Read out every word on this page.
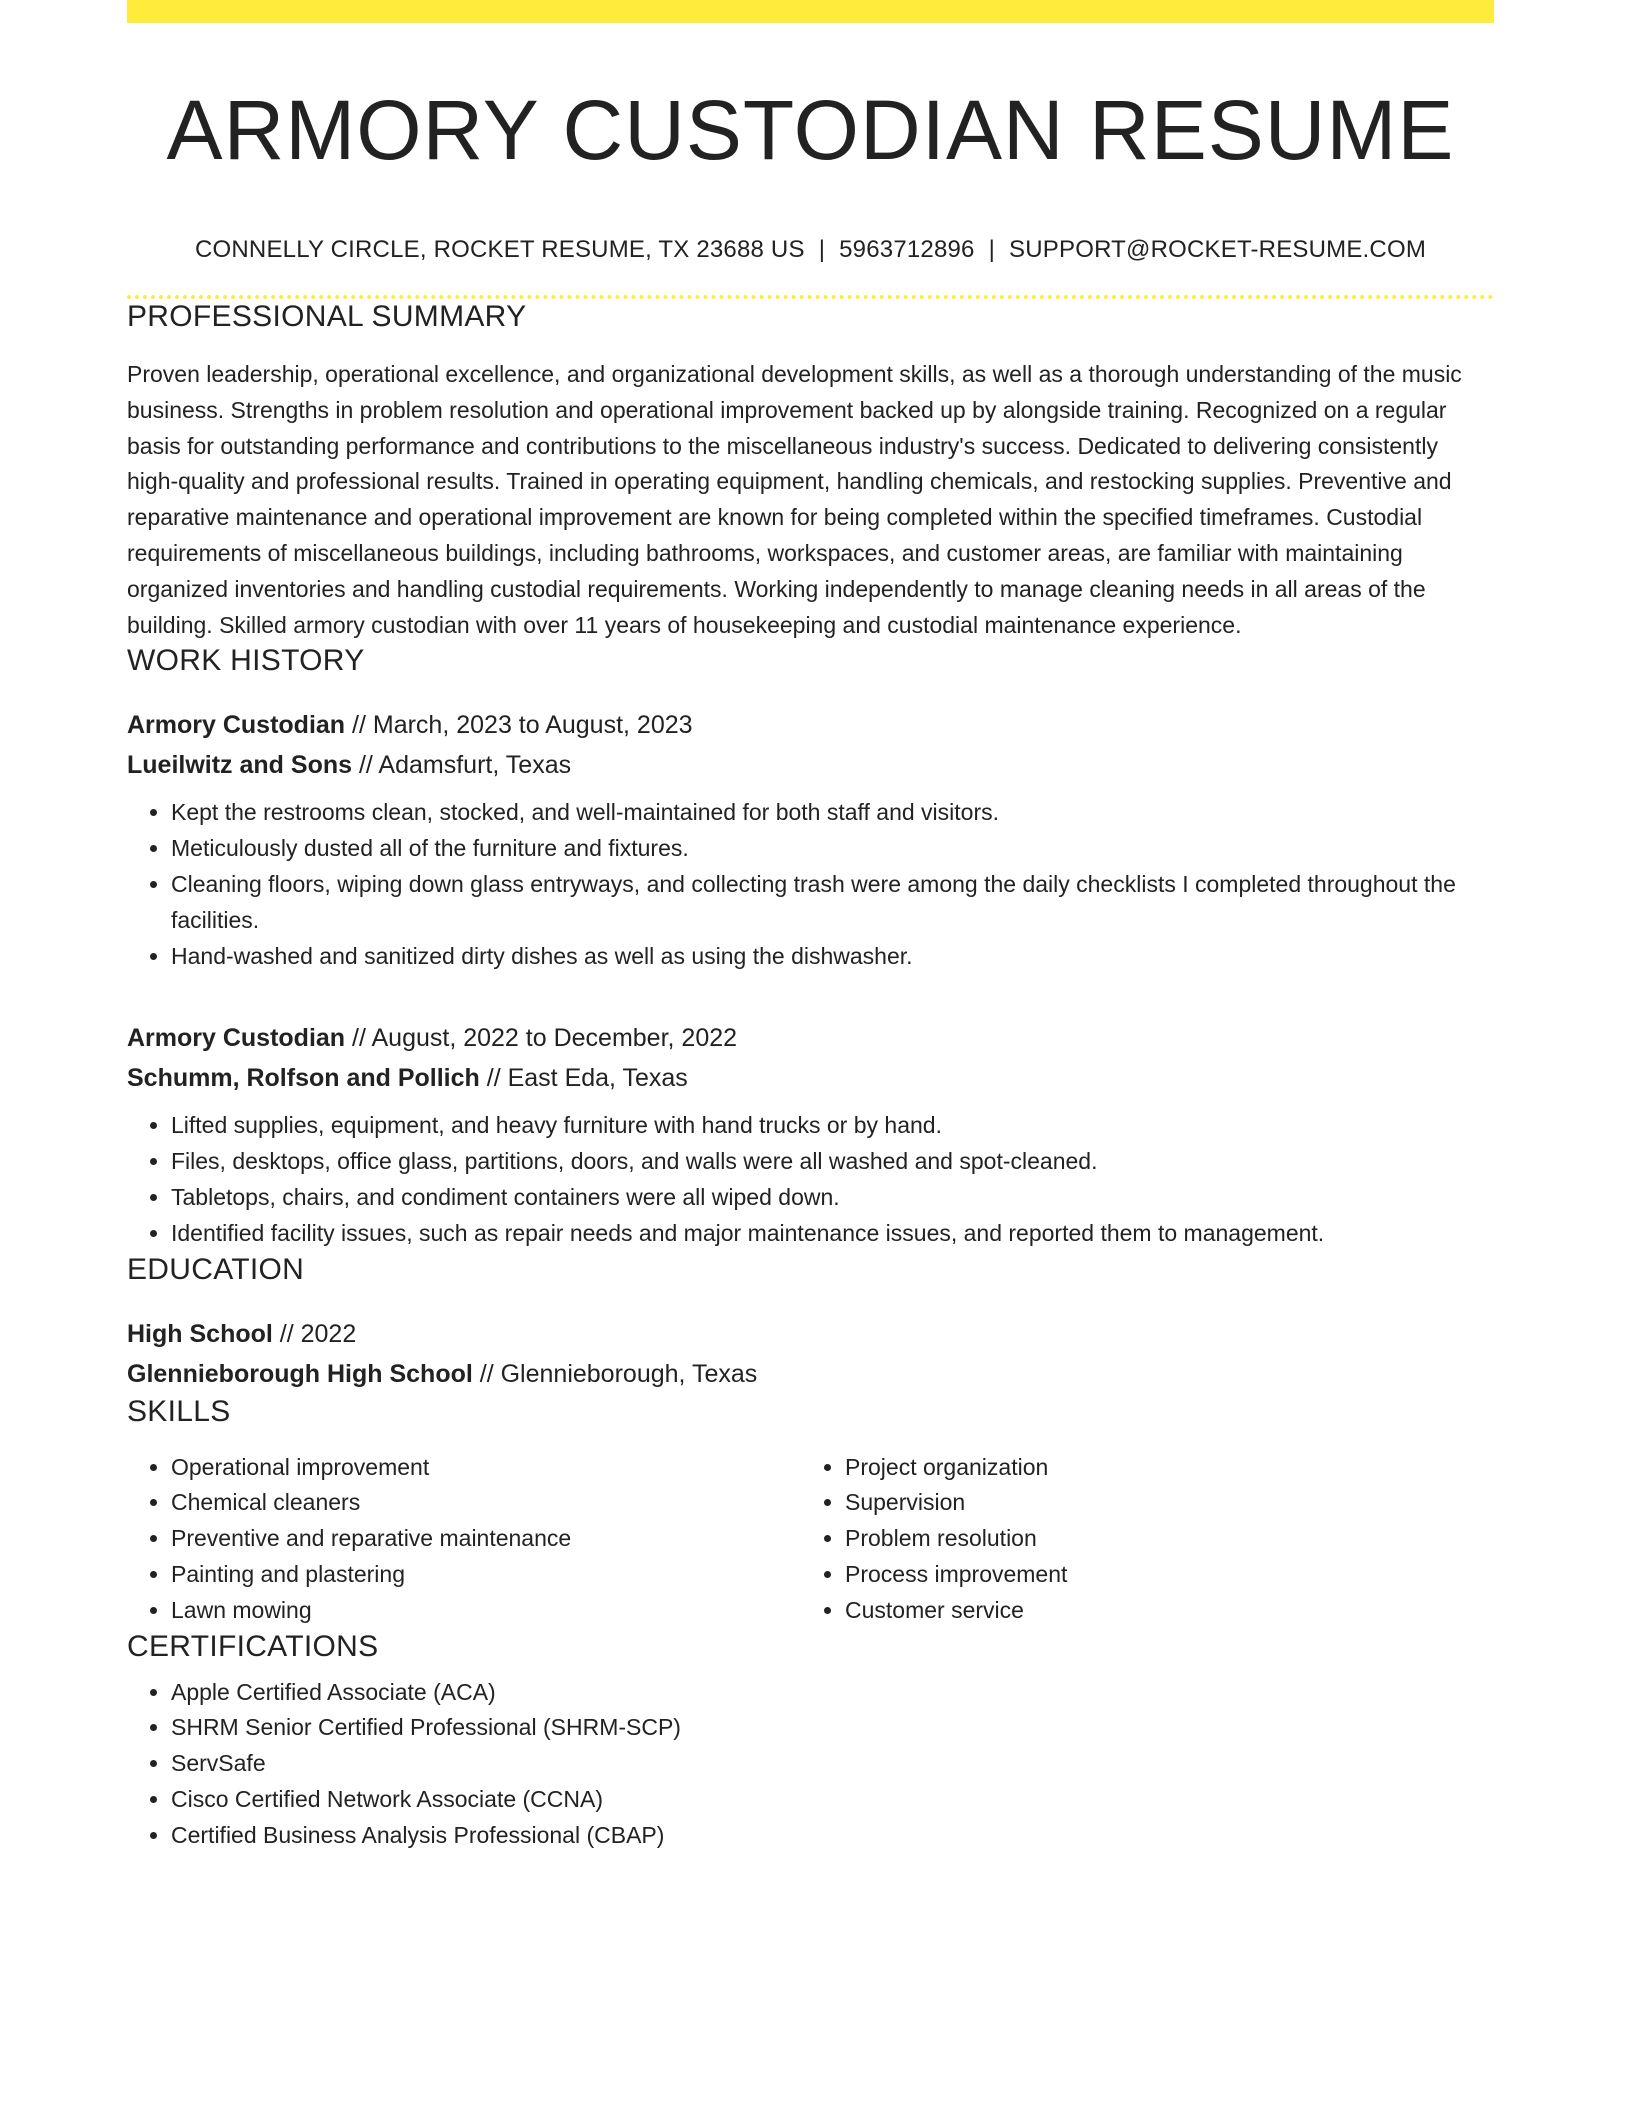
ARMORY CUSTODIAN RESUME
CONNELLY CIRCLE, ROCKET RESUME, TX 23688 US | 5963712896 | SUPPORT@ROCKET-RESUME.COM
PROFESSIONAL SUMMARY

Proven leadership, operational excellence, and organizational development skills, as well as a thorough understanding of the music business. Strengths in problem resolution and operational improvement backed up by alongside training. Recognized on a regular basis for outstanding performance and contributions to the miscellaneous industry's success. Dedicated to delivering consistently high-quality and professional results. Trained in operating equipment, handling chemicals, and restocking supplies. Preventive and reparative maintenance and operational improvement are known for being completed within the specified timeframes. Custodial requirements of miscellaneous buildings, including bathrooms, workspaces, and customer areas, are familiar with maintaining organized inventories and handling custodial requirements. Working independently to manage cleaning needs in all areas of the building. Skilled armory custodian with over 11 years of housekeeping and custodial maintenance experience.

WORK HISTORY
Armory Custodian // March, 2023 to August, 2023
Lueilwitz and Sons // Adamsfurt, Texas
• Kept the restrooms clean, stocked, and well-maintained for both staff and visitors.
• Meticulously dusted all of the furniture and fixtures.
• Cleaning floors, wiping down glass entryways, and collecting trash were among the daily checklists I completed throughout the facilities.
• Hand-washed and sanitized dirty dishes as well as using the dishwasher.
Armory Custodian // August, 2022 to December, 2022
Schumm, Rolfson and Pollich // East Eda, Texas
• Lifted supplies, equipment, and heavy furniture with hand trucks or by hand.
• Files, desktops, office glass, partitions, doors, and walls were all washed and spot-cleaned.
• Tabletops, chairs, and condiment containers were all wiped down.
• Identified facility issues, such as repair needs and major maintenance issues, and reported them to management.
EDUCATION
High School // 2022
Glennieborough High School // Glennieborough, Texas
SKILLS
• Operational improvement
• Chemical cleaners
• Preventive and reparative maintenance
• Painting and plastering
• Lawn mowing
• Project organization
• Supervision
• Problem resolution
• Process improvement
• Customer service
CERTIFICATIONS
• Apple Certified Associate (ACA)
• SHRM Senior Certified Professional (SHRM-SCP)
• ServSafe
• Cisco Certified Network Associate (CCNA)
• Certified Business Analysis Professional (CBAP)
